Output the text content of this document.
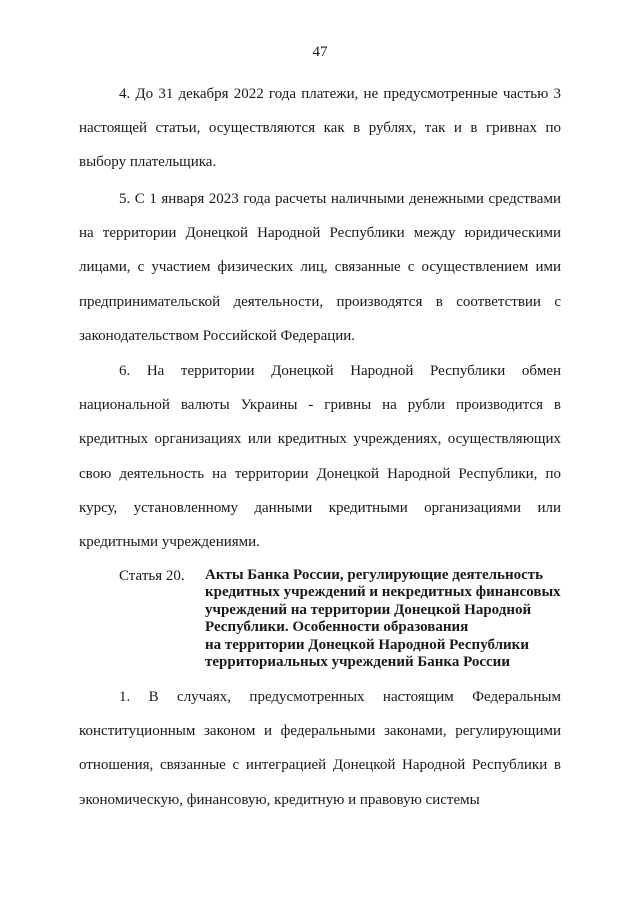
47

4. До 31 декабря 2022 года платежи, не предусмотренные частью 3 настоящей статьи, осуществляются как в рублях, так и в гривнах по выбору плательщика.

5. С 1 января 2023 года расчеты наличными денежными средствами на территории Донецкой Народной Республики между юридическими лицами, с участием физических лиц, связанные с осуществлением ими предпринимательской деятельности, производятся в соответствии с законодательством Российской Федерации.

6. На территории Донецкой Народной Республики обмен национальной валюты Украины - гривны на рубли производится в кредитных организациях или кредитных учреждениях, осуществляющих свою деятельность на территории Донецкой Народной Республики, по курсу, установленному данными кредитными организациями или кредитными учреждениями.

Статья 20. Акты Банка России, регулирующие деятельность
кредитных учреждений и некредитных финансовых
учреждений на территории Донецкой Народной
Республики. Особенности образования
на территории Донецкой Народной Республики
территориальных учреждений Банка России

1. В случаях, предусмотренных настоящим Федеральным конституционным законом и федеральными законами, регулирующими отношения, связанные с интеграцией Донецкой Народной Республики в экономическую, финансовую, кредитную и правовую системы
